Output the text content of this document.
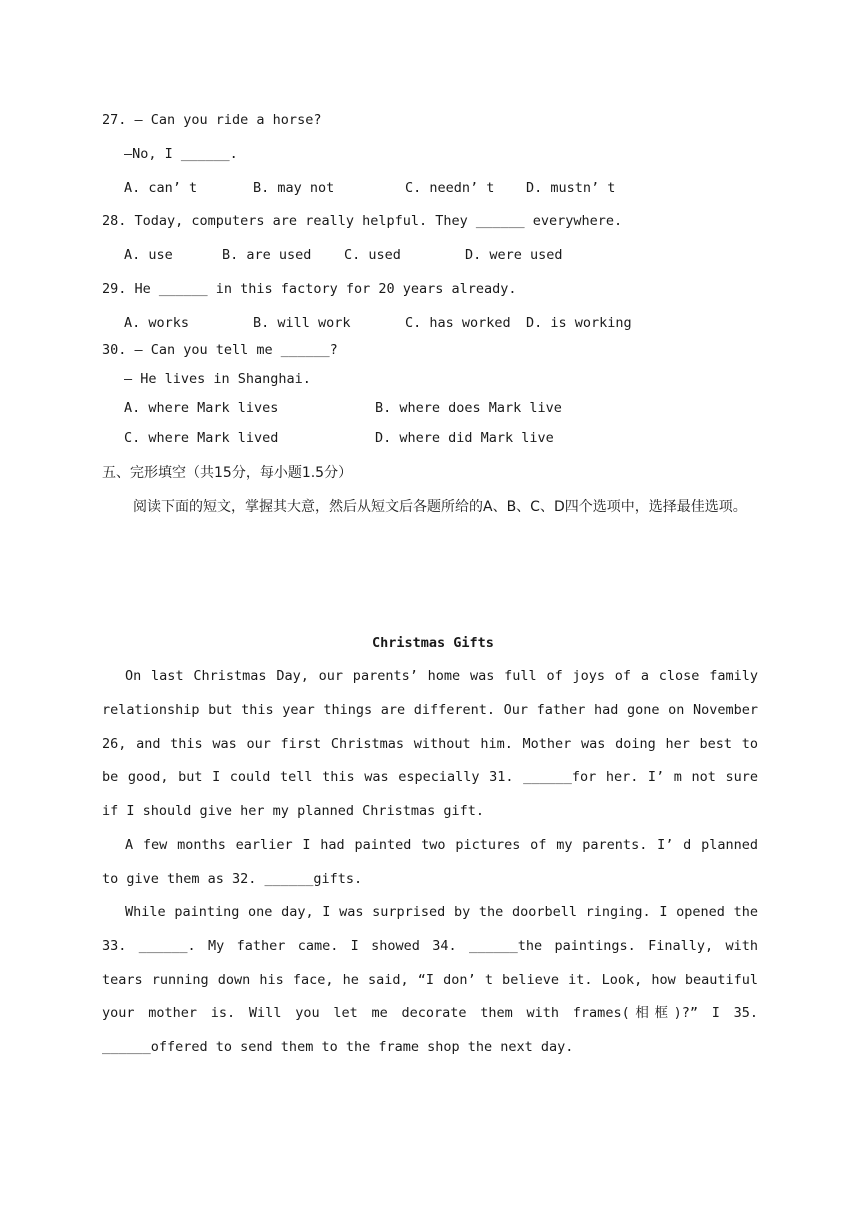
27. — Can you ride a horse?
—No, I ______.
A. can’ t	B. may not	C. needn’ t D. mustn’ t
28. Today, computers are really helpful. They ______ everywhere.
A. use	B. are used C. used	D. were used
29. He ______ in this factory for 20 years already.
A. works	B. will work	C. has worked D. is working
30. — Can you tell me ______?
— He lives in Shanghai.
A. where Mark lives	B. where does Mark live
C. where Mark lived	D. where did Mark live
五、完形填空（共15分，每小题1.5分）
阅读下面的短文，掌握其大意，然后从短文后各题所给的A、B、C、D四个选项中，选择最佳选项。
Christmas Gifts
On last Christmas Day, our parents’ home was full of joys of a close family relationship but this year things are different. Our father had gone on November 26, and this was our first Christmas without him. Mother was doing her best to be good, but I could tell this was especially 31. ______for her. I’ m not sure if I should give her my planned Christmas gift.
A few months earlier I had painted two pictures of my parents. I’ d planned to give them as 32. ______gifts.
While painting one day, I was surprised by the doorbell ringing. I opened the 33. ______. My father came. I showed 34. ______the paintings. Finally, with tears running down his face, he said, “I don’ t believe it. Look, how beautiful your mother is. Will you let me decorate them with frames(相框)?” I 35. ______offered to send them to the frame shop the next day.
